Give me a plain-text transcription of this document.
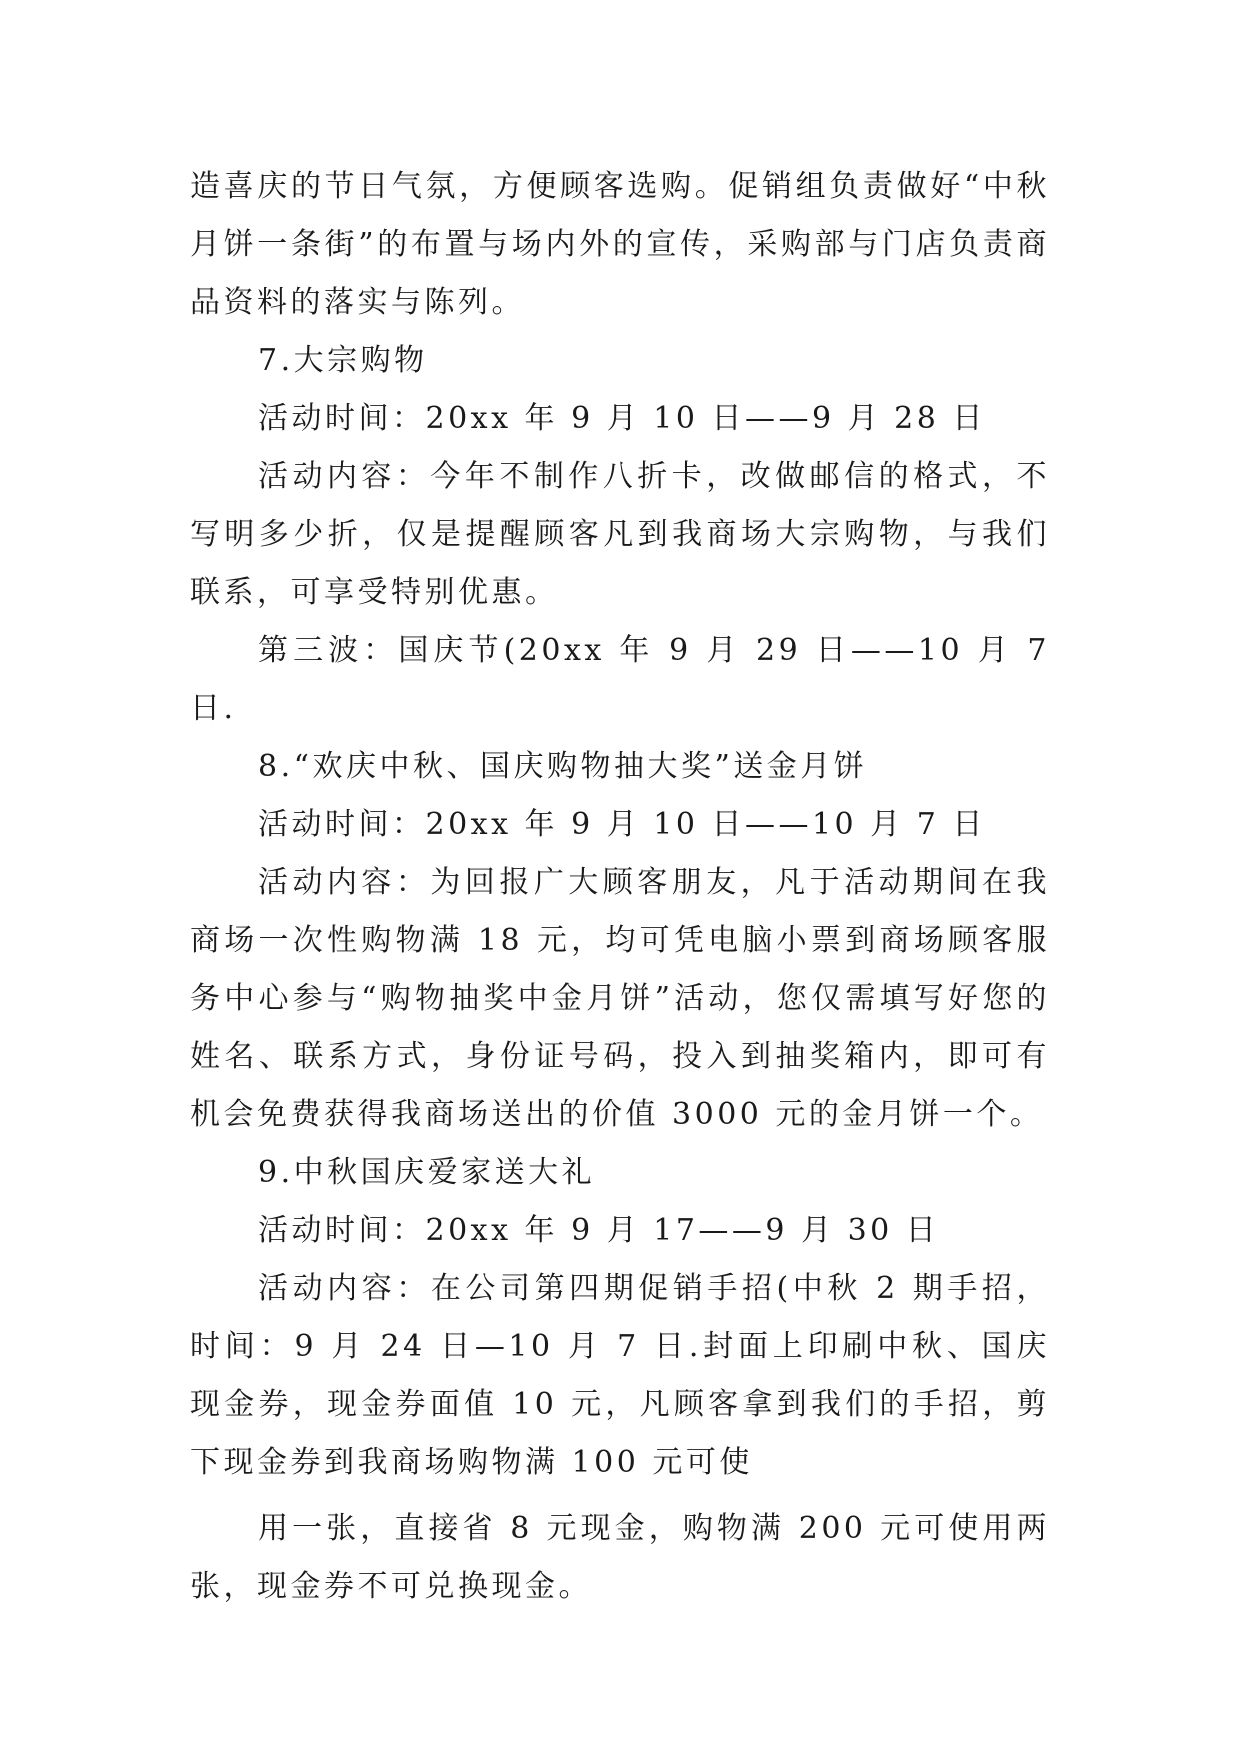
造喜庆的节日气氛，方便顾客选购。促销组负责做好“中秋月饼一条街”的布置与场内外的宣传，采购部与门店负责商品资料的落实与陈列。

7.大宗购物

活动时间：20xx 年 9 月 10 日——9 月 28 日

活动内容：今年不制作八折卡，改做邮信的格式，不写明多少折，仅是提醒顾客凡到我商场大宗购物，与我们联系，可享受特别优惠。

第三波：国庆节(20xx 年 9 月 29 日——10 月 7 日.

8.“欢庆中秋、国庆购物抽大奖”送金月饼

活动时间：20xx 年 9 月 10 日——10 月 7 日

活动内容：为回报广大顾客朋友，凡于活动期间在我商场一次性购物满 18 元，均可凭电脑小票到商场顾客服务中心参与“购物抽奖中金月饼”活动，您仅需填写好您的姓名、联系方式，身份证号码，投入到抽奖箱内，即可有机会免费获得我商场送出的价值 3000 元的金月饼一个。

9.中秋国庆爱家送大礼

活动时间：20xx 年 9 月 17——9 月 30 日

活动内容：在公司第四期促销手招(中秋 2 期手招，时间：9 月 24 日—10 月 7 日.封面上印刷中秋、国庆现金券，现金券面值 10 元，凡顾客拿到我们的手招，剪下现金券到我商场购物满 100 元可使

用一张，直接省 8 元现金，购物满 200 元可使用两张，现金券不可兑换现金。
